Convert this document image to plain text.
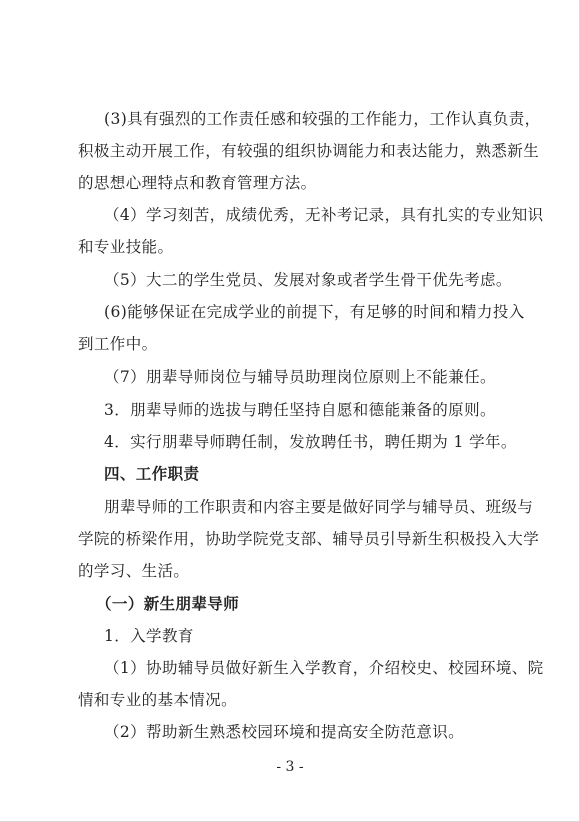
(3)具有强烈的工作责任感和较强的工作能力，工作认真负责，
积极主动开展工作，有较强的组织协调能力和表达能力，熟悉新生
的思想心理特点和教育管理方法。
（4）学习刻苦，成绩优秀，无补考记录，具有扎实的专业知识
和专业技能。
（5）大二的学生党员、发展对象或者学生骨干优先考虑。
(6)能够保证在完成学业的前提下，有足够的时间和精力投入
到工作中。
（7）朋辈导师岗位与辅导员助理岗位原则上不能兼任。
3．朋辈导师的选拔与聘任坚持自愿和德能兼备的原则。
4．实行朋辈导师聘任制，发放聘任书，聘任期为 1 学年。
四、工作职责
朋辈导师的工作职责和内容主要是做好同学与辅导员、班级与
学院的桥梁作用，协助学院党支部、辅导员引导新生积极投入大学
的学习、生活。
（一）新生朋辈导师
1．入学教育
（1）协助辅导员做好新生入学教育，介绍校史、校园环境、院
情和专业的基本情况。
（2）帮助新生熟悉校园环境和提高安全防范意识。
- 3 -
